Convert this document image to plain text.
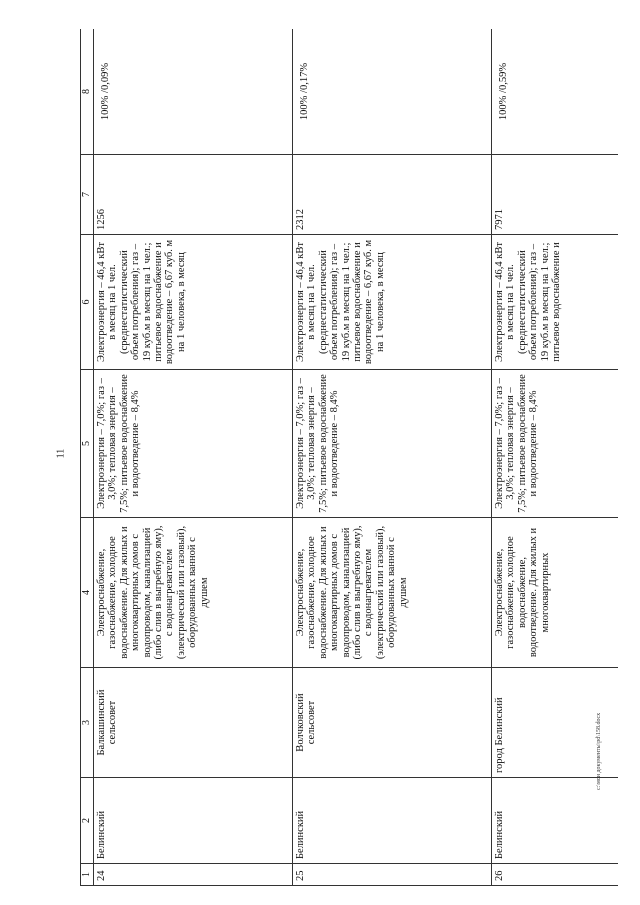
11
c:\мои документы\рd\158.docx
1	2	3	4	5	6	7	8
24	Белинский	Балкашинский сельсовет	Электроснабжение, газоснабжение, холодное водоснабжение. Для жилых и многоквартирных домов с водопроводом, канализацией (либо слив в выгребную яму), с водонагревателем (электрический или газовый), оборудованных ванной с душем	Электроэнергия – 7,0%; газ – 3,0%; тепловая энергия – 7,5%; питьевое водоснабжение и водоотведение – 8,4%	Электроэнергия – 46,4 кВт в месяц на 1 чел. (среднестатистический объем потребления); газ – 19 куб.м в месяц на 1 чел.; питьевое водоснабжение и водоотведение – 6,67 куб. м на 1 человека, в месяц	1256	100% /0,09%
25	Белинский	Волчковский сельсовет	Электроснабжение, газоснабжение, холодное водоснабжение. Для жилых и многоквартирных домов с водопроводом, канализацией (либо слив в выгребную яму), с водонагревателем (электрический или газовый), оборудованных ванной с душем	Электроэнергия – 7,0%; газ – 3,0%; тепловая энергия – 7,5%; питьевое водоснабжение и водоотведение – 8,4%	Электроэнергия – 46,4 кВт в месяц на 1 чел. (среднестатистический объем потребления); газ – 19 куб.м в месяц на 1 чел.; питьевое водоснабжение и водоотведение – 6,67 куб. м на 1 человека, в месяц	2312	100% /0,17%
26	Белинский	город Белинский	Электроснабжение, газоснабжение, холодное водоснабжение, водоотведение. Для жилых и многоквартирных	Электроэнергия – 7,0%; газ – 3,0%; тепловая энергия – 7,5%; питьевое водоснабжение и водоотведение – 8,4%	Электроэнергия – 46,4 кВт в месяц на 1 чел. (среднестатистический объем потребления); газ – 19 куб.м в месяц на 1 чел.; питьевое водоснабжение и	7971	100% /0,59%
